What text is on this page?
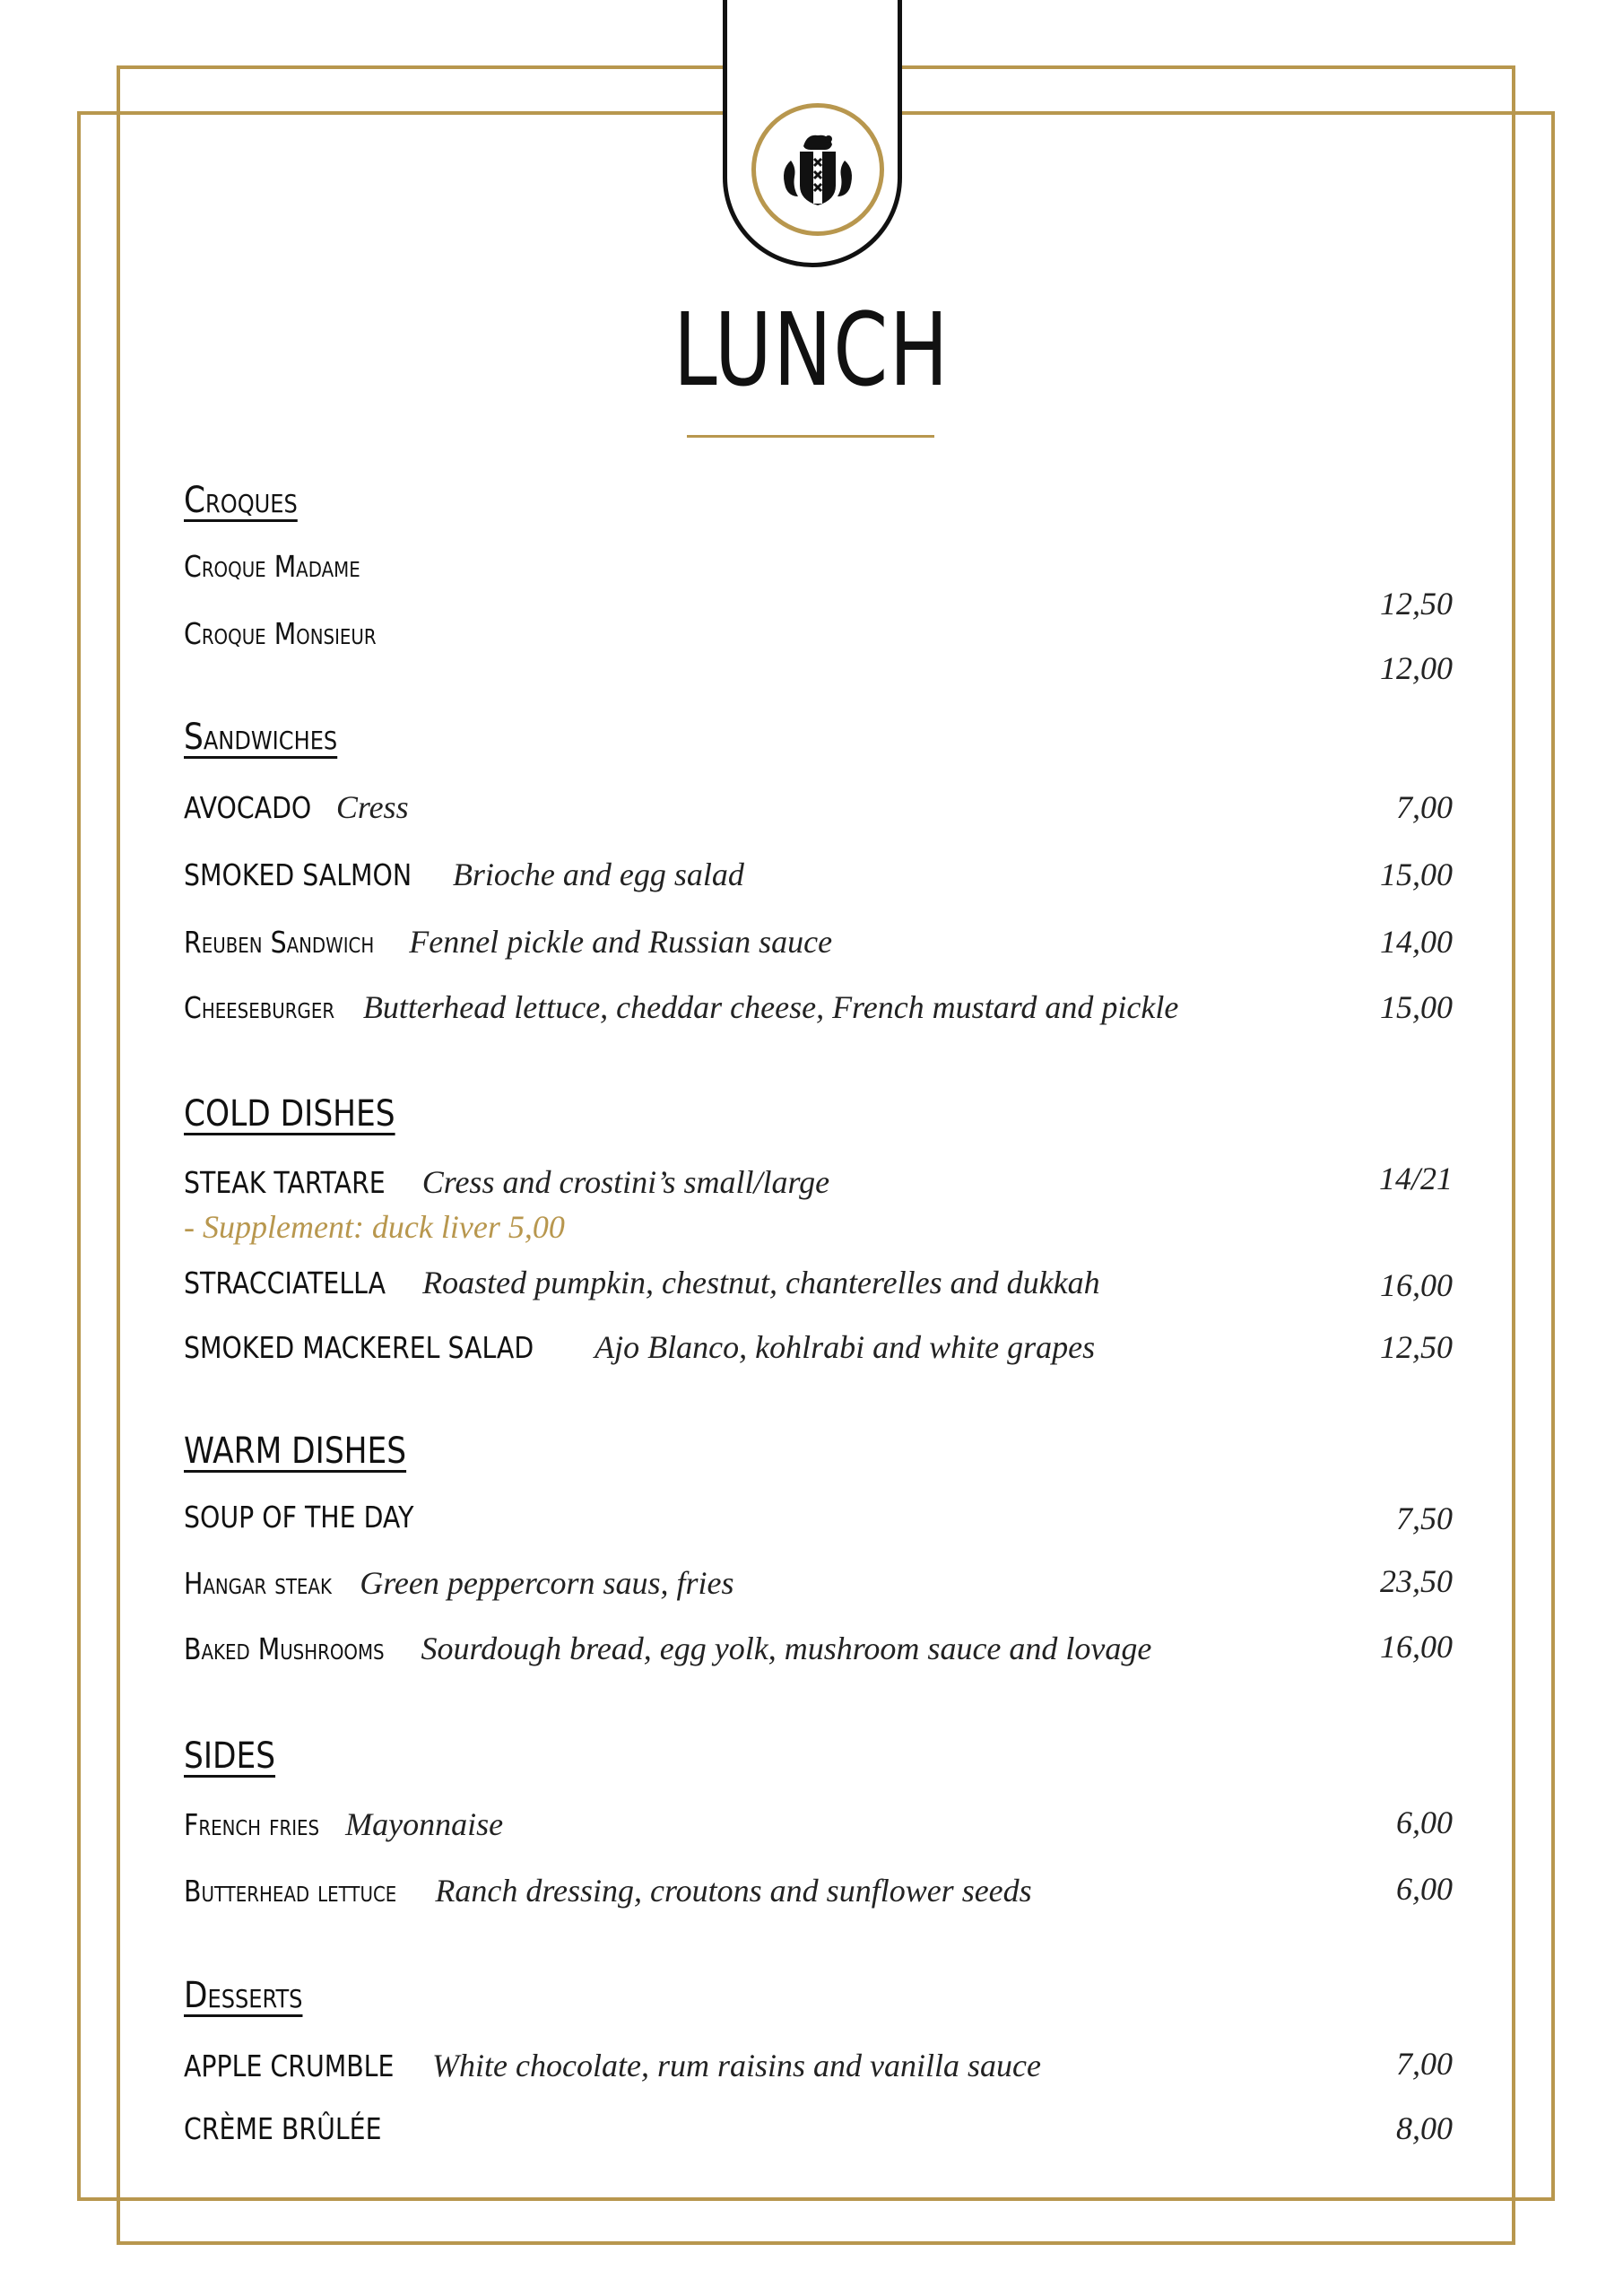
LUNCH
Croques
Croque Madame
12,50
Croque Monsieur
12,00
Sandwiches
AVOCADO Cress	7,00
SMOKED SALMON Brioche and egg salad	15,00
Reuben Sandwich Fennel pickle and Russian sauce	14,00
Cheeseburger Butterhead lettuce, cheddar cheese, French mustard and pickle	15,00
COLD DISHES
STEAK TARTARE Cress and crostini’s small/large	14/21
- Supplement: duck liver 5,00
STRACCIATELLA Roasted pumpkin, chestnut, chanterelles and dukkah	16,00
SMOKED MACKEREL SALAD Ajo Blanco, kohlrabi and white grapes	12,50
WARM DISHES
SOUP OF THE DAY	7,50
Hangar steak Green peppercorn saus, fries	23,50
Baked Mushrooms Sourdough bread, egg yolk, mushroom sauce and lovage	16,00
SIDES
French fries Mayonnaise	6,00
Butterhead lettuce Ranch dressing, croutons and sunflower seeds	6,00
Desserts
APPLE CRUMBLE White chocolate, rum raisins and vanilla sauce	7,00
CRÈME BRÛLÉE	8,00
